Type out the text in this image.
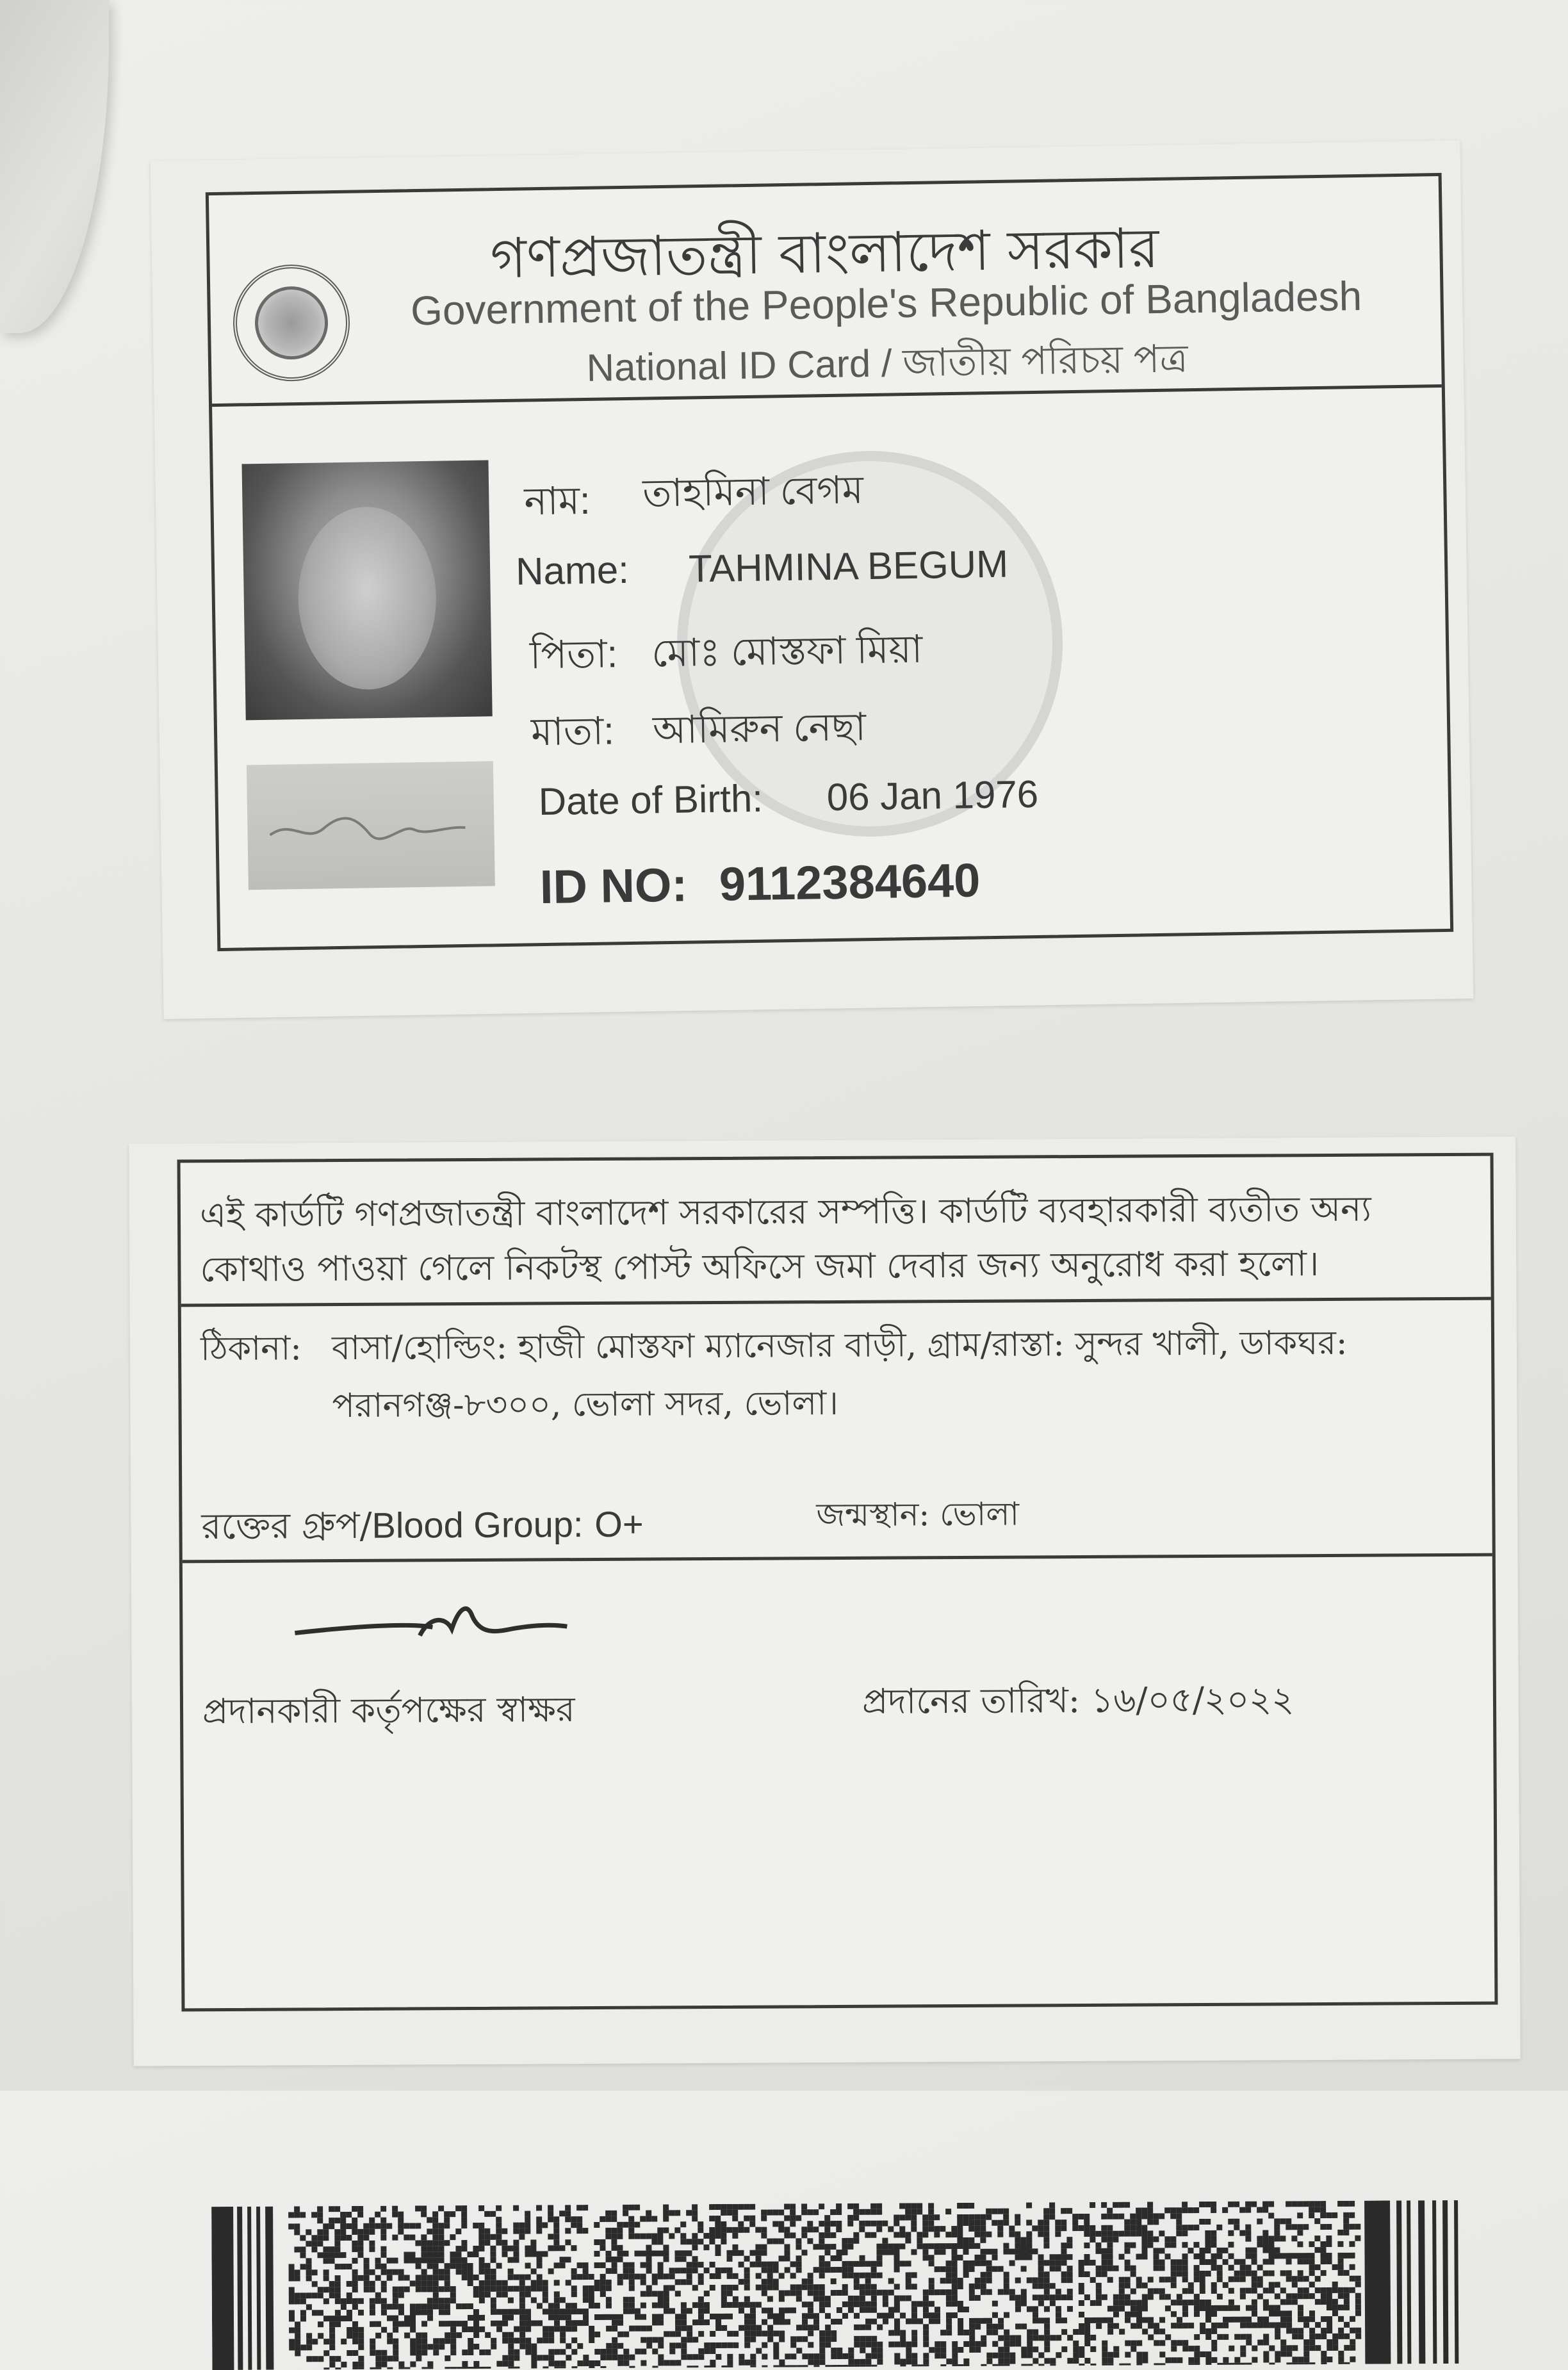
গণপ্রজাতন্ত্রী বাংলাদেশ সরকার
Government of the People's Republic of Bangladesh
National ID Card / জাতীয় পরিচয় পত্র
নাম: তাহমিনা বেগম
Name: TAHMINA BEGUM
পিতা: মোঃ মোস্তফা মিয়া
মাতা: আমিরুন নেছা
Date of Birth: 06 Jan 1976
ID NO: 9112384640
এই কার্ডটি গণপ্রজাতন্ত্রী বাংলাদেশ সরকারের সম্পত্তি। কার্ডটি ব্যবহারকারী ব্যতীত অন্য
কোথাও পাওয়া গেলে নিকটস্থ পোস্ট অফিসে জমা দেবার জন্য অনুরোধ করা হলো।
ঠিকানা: বাসা/হোল্ডিং: হাজী মোস্তফা ম্যানেজার বাড়ী, গ্রাম/রাস্তা: সুন্দর খালী, ডাকঘর:
পরানগঞ্জ-৮৩০০, ভোলা সদর, ভোলা।
রক্তের গ্রুপ/Blood Group: O+	জন্মস্থান: ভোলা
প্রদানকারী কর্তৃপক্ষের স্বাক্ষর	প্রদানের তারিখ: ১৬/০৫/২০২২
